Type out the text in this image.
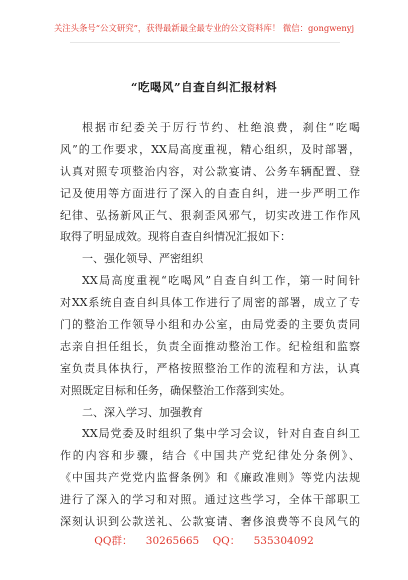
关注头条号“公文研究”，获得最新最全最专业的公文资料库！ 微信：gongwenyj
“吃喝风”自查自纠汇报材料
根据市纪委关于厉行节约、杜绝浪费，刹住“吃喝
风”的工作要求，XX局高度重视，精心组织，及时部署，
认真对照专项整治内容，对公款宴请、公务车辆配置、登
记及使用等方面进行了深入的自查自纠，进一步严明工作
纪律、弘扬新风正气、狠刹歪风邪气，切实改进工作作风
取得了明显成效。现将自查自纠情况汇报如下：
一、强化领导、严密组织
XX局高度重视“吃喝风”自查自纠工作，第一时间针
对XX系统自查自纠具体工作进行了周密的部署，成立了专
门的整治工作领导小组和办公室，由局党委的主要负责同
志亲自担任组长，负责全面推动整治工作。纪检组和监察
室负责具体执行，严格按照整治工作的流程和方法，认真
对照既定目标和任务，确保整治工作落到实处。
二、深入学习、加强教育
XX局党委及时组织了集中学习会议，针对自查自纠工
作的内容和步骤，结合《中国共产党纪律处分条例》、
《中国共产党党内监督条例》和《廉政准则》等党内法规
进行了深入的学习和对照。通过这些学习，全体干部职工
深刻认识到公款送礼、公款宴请、奢侈浪费等不良风气的
QQ群： 30265665 QQ： 535304092
